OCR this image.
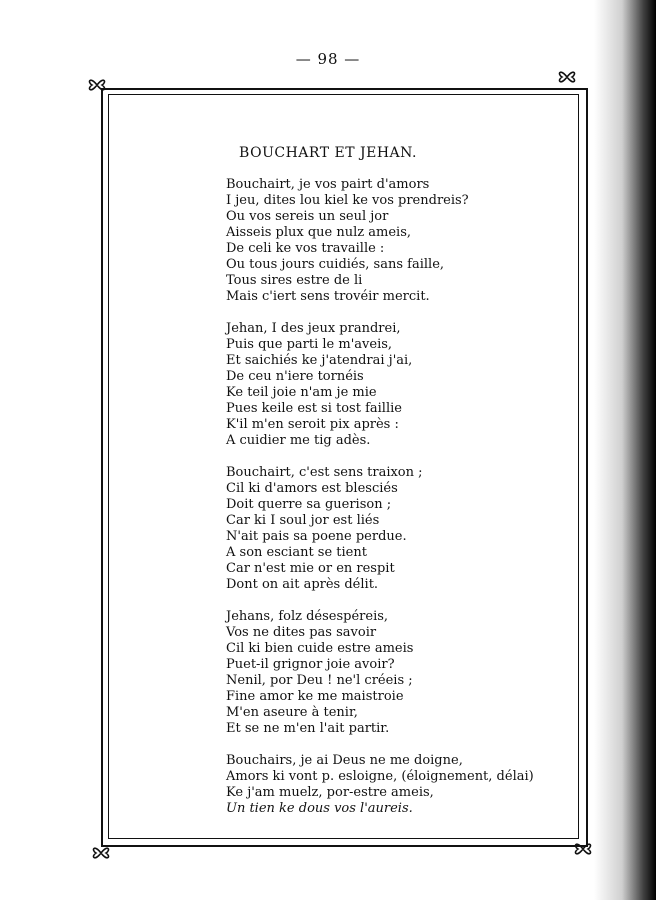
— 98 —
BOUCHART ET JEHAN.
Bouchairt, je vos pairt d'amors
I jeu, dites lou kiel ke vos prendreis?
Ou vos sereis un seul jor
Aisseis plux que nulz ameis,
De celi ke vos travaille :
Ou tous jours cuidiés, sans faille,
Tous sires estre de li
Mais c'iert sens trovéir mercit.
Jehan, I des jeux prandrei,
Puis que parti le m'aveis,
Et saichiés ke j'atendrai j'ai,
De ceu n'iere tornéis
Ke teil joie n'am je mie
Pues keile est si tost faillie
K'il m'en seroit pix après :
A cuidier me tig adès.
Bouchairt, c'est sens traixon ;
Cil ki d'amors est blesciés
Doit querre sa guerison ;
Car ki I soul jor est liés
N'ait pais sa poene perdue.
A son esciant se tient
Car n'est mie or en respit
Dont on ait après délit.
Jehans, folz désespéreis,
Vos ne dites pas savoir
Cil ki bien cuide estre ameis
Puet-il grignor joie avoir?
Nenil, por Deu ! ne'l créeis ;
Fine amor ke me maistroie
M'en aseure à tenir,
Et se ne m'en l'ait partir.
Bouchairs, je ai Deus ne me doigne,
Amors ki vont p. esloigne, (éloignement, délai)
Ke j'am muelz, por-estre ameis,
Un tien ke dous vos l'aureis.
